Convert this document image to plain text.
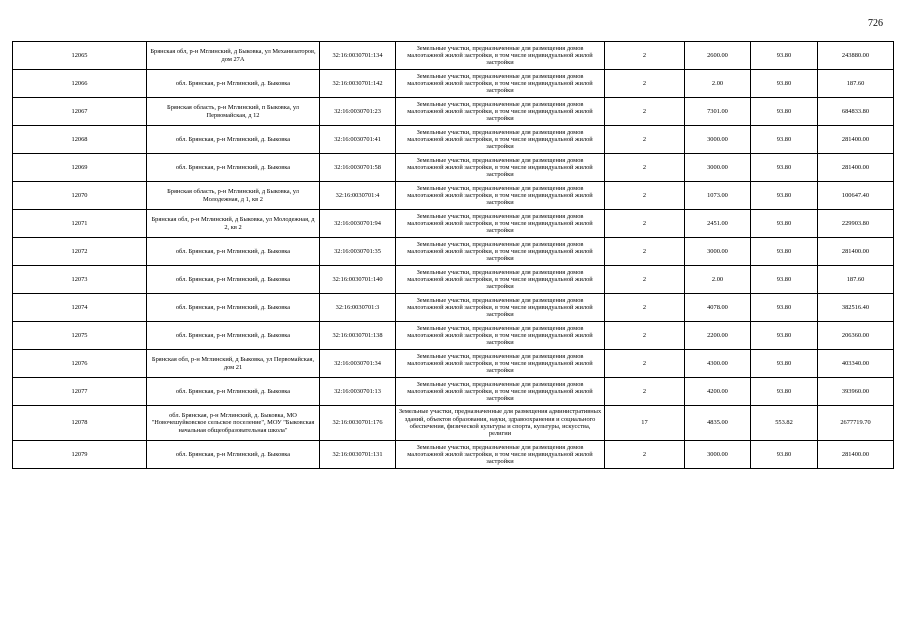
726
12065	Брянская обл, р-н Мглинский, д Быковка, ул Механизаторов, дом 27А	32:16:0030701:134	Земельные участки, предназначенные для размещения домов малоэтажной жилой застройки, в том числе индивидуальной жилой застройки	2	2600.00	93.80	243880.00
12066	обл. Брянская, р-н Мглинский, д. Быковка	32:16:0030701:142	Земельные участки, предназначенные для размещения домов малоэтажной жилой застройки, в том числе индивидуальной жилой застройки	2	2.00	93.80	187.60
12067	Брянская область, р-н Мглинский, п Быковка, ул Первомайская, д 12	32:16:0030701:23	Земельные участки, предназначенные для размещения домов малоэтажной жилой застройки, в том числе индивидуальной жилой застройки	2	7301.00	93.80	684833.80
12068	обл. Брянская, р-н Мглинский, д. Быковка	32:16:0030701:41	Земельные участки, предназначенные для размещения домов малоэтажной жилой застройки, в том числе индивидуальной жилой застройки	2	3000.00	93.80	281400.00
12069	обл. Брянская, р-н Мглинский, д. Быковка	32:16:0030701:58	Земельные участки, предназначенные для размещения домов малоэтажной жилой застройки, в том числе индивидуальной жилой застройки	2	3000.00	93.80	281400.00
12070	Брянская область, р-н Мглинский, д Быковка, ул Молодежная, д 1, кв 2	32:16:0030701:4	Земельные участки, предназначенные для размещения домов малоэтажной жилой застройки, в том числе индивидуальной жилой застройки	2	1073.00	93.80	100647.40
12071	Брянская обл, р-н Мглинский, д Быковка, ул Молодежная, д 2, кв 2	32:16:0030701:94	Земельные участки, предназначенные для размещения домов малоэтажной жилой застройки, в том числе индивидуальной жилой застройки	2	2451.00	93.80	229903.80
12072	обл. Брянская, р-н Мглинский, д. Быковка	32:16:0030701:35	Земельные участки, предназначенные для размещения домов малоэтажной жилой застройки, в том числе индивидуальной жилой застройки	2	3000.00	93.80	281400.00
12073	обл. Брянская, р-н Мглинский, д. Быковка	32:16:0030701:140	Земельные участки, предназначенные для размещения домов малоэтажной жилой застройки, в том числе индивидуальной жилой застройки	2	2.00	93.80	187.60
12074	обл. Брянская, р-н Мглинский, д. Быковка	32:16:0030701:3	Земельные участки, предназначенные для размещения домов малоэтажной жилой застройки, в том числе индивидуальной жилой застройки	2	4078.00	93.80	382516.40
12075	обл. Брянская, р-н Мглинский, д. Быковка	32:16:0030701:138	Земельные участки, предназначенные для размещения домов малоэтажной жилой застройки, в том числе индивидуальной жилой застройки	2	2200.00	93.80	206360.00
12076	Брянская обл, р-н Мглинский, д Быковка, ул Первомайская, дом 21	32:16:0030701:34	Земельные участки, предназначенные для размещения домов малоэтажной жилой застройки, в том числе индивидуальной жилой застройки	2	4300.00	93.80	403340.00
12077	обл. Брянская, р-н Мглинский, д. Быковка	32:16:0030701:13	Земельные участки, предназначенные для размещения домов малоэтажной жилой застройки, в том числе индивидуальной жилой застройки	2	4200.00	93.80	393960.00
12078	обл. Брянская, р-н Мглинский, д. Быковка, МО "Новочешуйковское сельское поселение", МОУ "Быковская начальная общеобразовательная школа"	32:16:0030701:176	Земельные участки, предназначенные для размещения административных зданий, объектов образования, науки, здравоохранения и социального обеспечения, физической культуры и спорта, культуры, искусства, религии	17	4835.00	553.82	2677719.70
12079	обл. Брянская, р-н Мглинский, д. Быковка	32:16:0030701:131	Земельные участки, предназначенные для размещения домов малоэтажной жилой застройки, в том числе индивидуальной жилой застройки	2	3000.00	93.80	281400.00
